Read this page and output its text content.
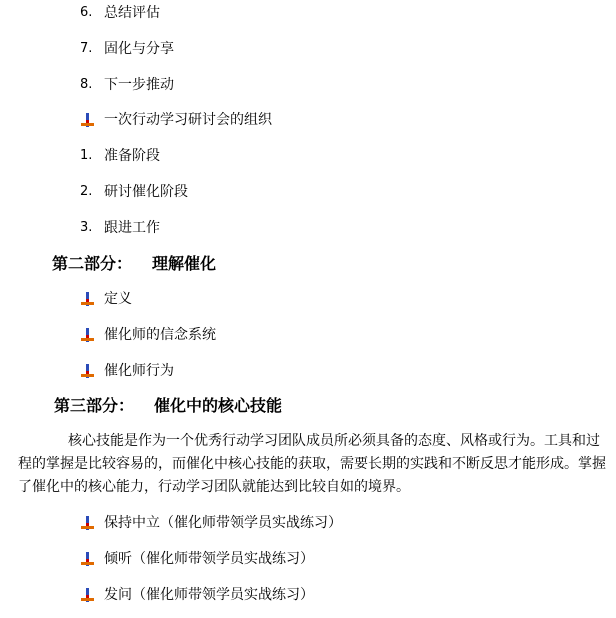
6. 总结评估
7. 固化与分享
8. 下一步推动
一次行动学习研讨会的组织
1. 准备阶段
2. 研讨催化阶段
3. 跟进工作
第二部分： 理解催化
定义
催化师的信念系统
催化师行为
第三部分： 催化中的核心技能
核心技能是作为一个优秀行动学习团队成员所必须具备的态度、风格或行为。工具和过程的掌握是比较容易的，而催化中核心技能的获取，需要长期的实践和不断反思才能形成。掌握了催化中的核心能力，行动学习团队就能达到比较自如的境界。
保持中立（催化师带领学员实战练习）
倾听（催化师带领学员实战练习）
发问（催化师带领学员实战练习）
